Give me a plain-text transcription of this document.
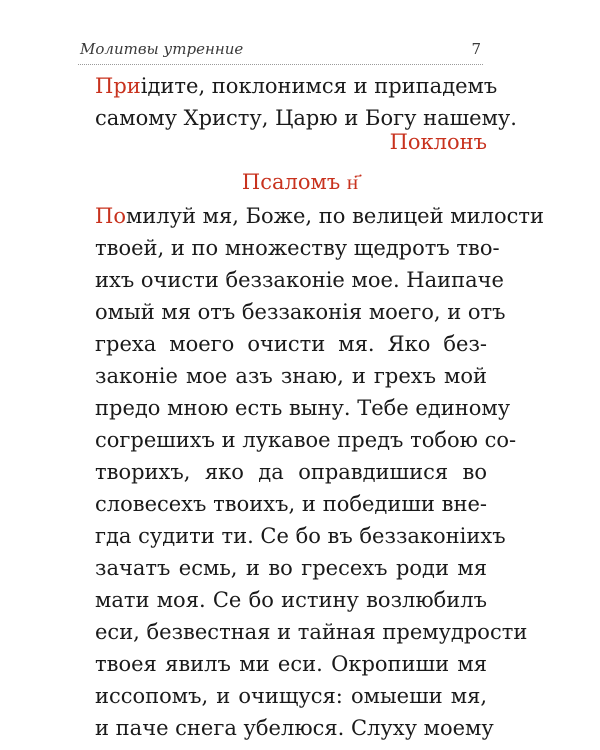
Молитвы утренние	7
Приідите, поклонимся и припадемъ
самому Христу, Царю и Богу нашему.
Поклонъ
Псаломъ н҃
Помилуй мя, Боже, по велицей милости
твоей, и по множеству щедротъ тво-
ихъ очисти беззаконіе мое. Наипаче
омый мя отъ беззаконія моего, и отъ
греха моего очисти мя. Яко без-
законіе мое азъ знаю, и грехъ мой
предо мною есть выну. Тебе единому
согрешихъ и лукавое предъ тобою со-
творихъ, яко да оправдишися во
словесехъ твоихъ, и победиши вне-
гда судити ти. Се бо въ беззаконіихъ
зачатъ есмь, и во гресехъ роди мя
мати моя. Се бо истину возлюбилъ
еси, безвестная и тайная премудрости
твоея явилъ ми еси. Окропиши мя
иссопомъ, и очищуся: омыеши мя,
и паче снега убелюся. Слуху моему
